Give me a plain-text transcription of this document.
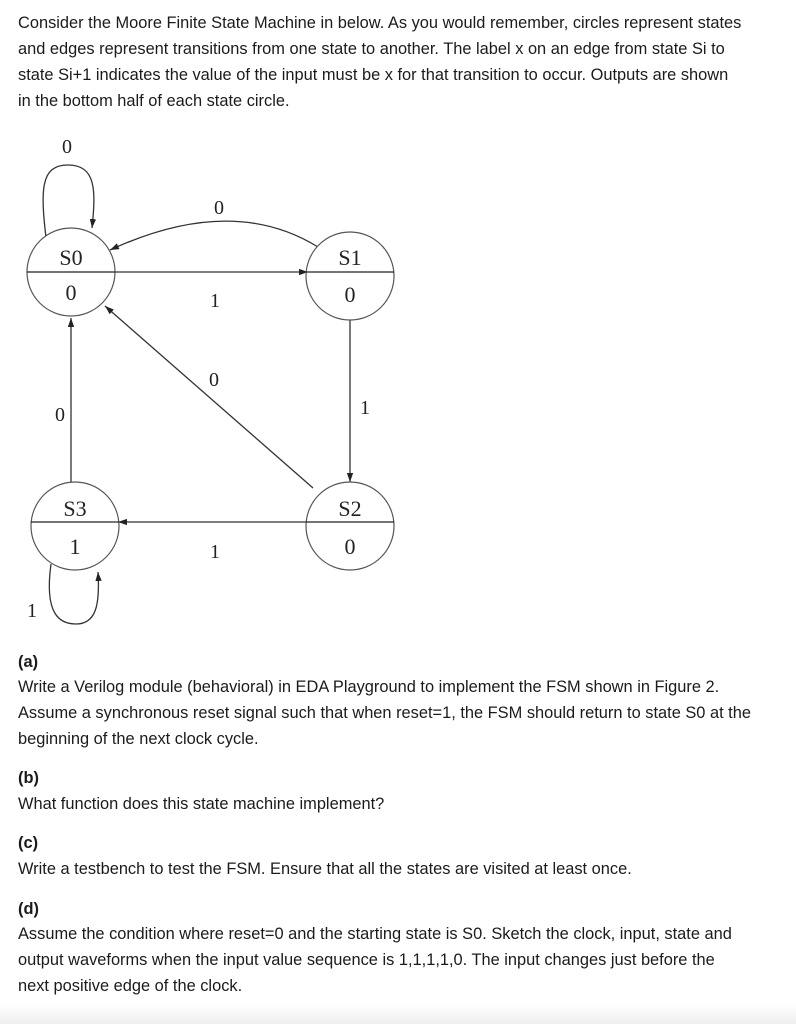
Consider the Moore Finite State Machine in below. As you would remember, circles represent states
and edges represent transitions from one state to another. The label x on an edge from state Si to
state Si+1 indicates the value of the input must be x for that transition to occur. Outputs are shown
in the bottom half of each state circle.

S0
0
S1
0
S2
0
S3
1
0
0
1
0
0	1
1
1

(a)

Write a Verilog module (behavioral) in EDA Playground to implement the FSM shown in Figure 2.
Assume a synchronous reset signal such that when reset=1, the FSM should return to state S0 at the
beginning of the next clock cycle.

(b)

What function does this state machine implement?

(c)

Write a testbench to test the FSM. Ensure that all the states are visited at least once.

(d)

Assume the condition where reset=0 and the starting state is S0. Sketch the clock, input, state and
output waveforms when the input value sequence is 1,1,1,1,0. The input changes just before the
next positive edge of the clock.
